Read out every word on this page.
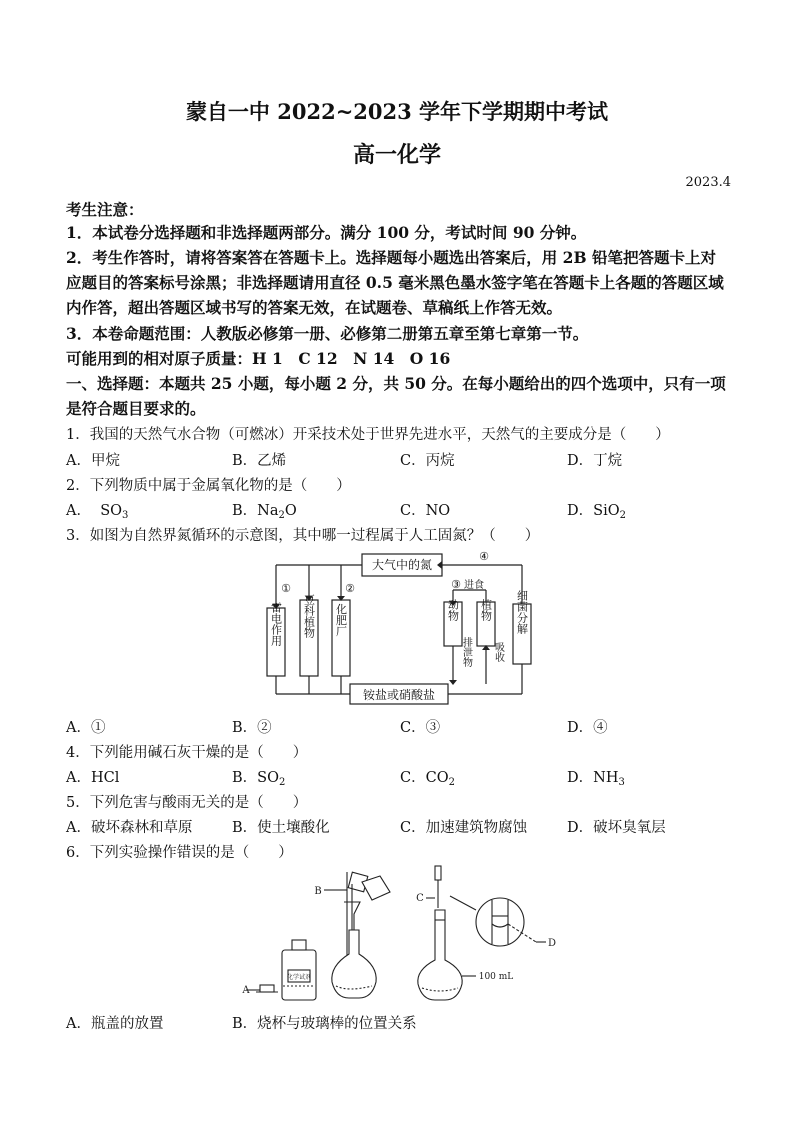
蒙自一中 2022~2023 学年下学期期中考试
高一化学
2023.4
考生注意：
1．本试卷分选择题和非选择题两部分。满分 100 分，考试时间 90 分钟。
2．考生作答时，请将答案答在答题卡上。选择题每小题选出答案后，用 2B 铅笔把答题卡上对
应题目的答案标号涂黑；非选择题请用直径 0.5 毫米黑色墨水签字笔在答题卡上各题的答题区域
内作答，超出答题区域书写的答案无效，在试题卷、草稿纸上作答无效。
3．本卷命题范围：人教版必修第一册、必修第二册第五章至第七章第一节。
可能用到的相对原子质量：H 1　C 12　N 14　O 16
一、选择题：本题共 25 小题，每小题 2 分，共 50 分。在每小题给出的四个选项中，只有一项
是符合题目要求的。
1．我国的天然气水合物（可燃冰）开采技术处于世界先进水平，天然气的主要成分是（　　）
A．甲烷	B．乙烯	C．丙烷	D．丁烷
2．下列物质中属于金属氧化物的是（　　）
A． $SO_3$	B．$Na_2O$	C．NO	D．SiO$_2$
3．如图为自然界氮循环的示意图，其中哪一过程属于人工固氮？（　　）
大气中的氮
铵盐或硝酸盐
①	②	③
④
进食
雷电作用 豆科植物 化肥厂	动物 植物 细菌分解
排泄物 吸收
A．①	B．②	C．③	D．④
4．下列能用碱石灰干燥的是（　　）
A．HCl	B．$SO_2$	C．$CO_2$	D．$NH_3$
5．下列危害与酸雨无关的是（　　）
A．破坏森林和草原	B．使土壤酸化	C．加速建筑物腐蚀	D．破坏臭氧层
6．下列实验操作错误的是（　　）
A
B
C
D
化学试剂	100 mL
A．瓶盖的放置	B．烧杯与玻璃棒的位置关系
